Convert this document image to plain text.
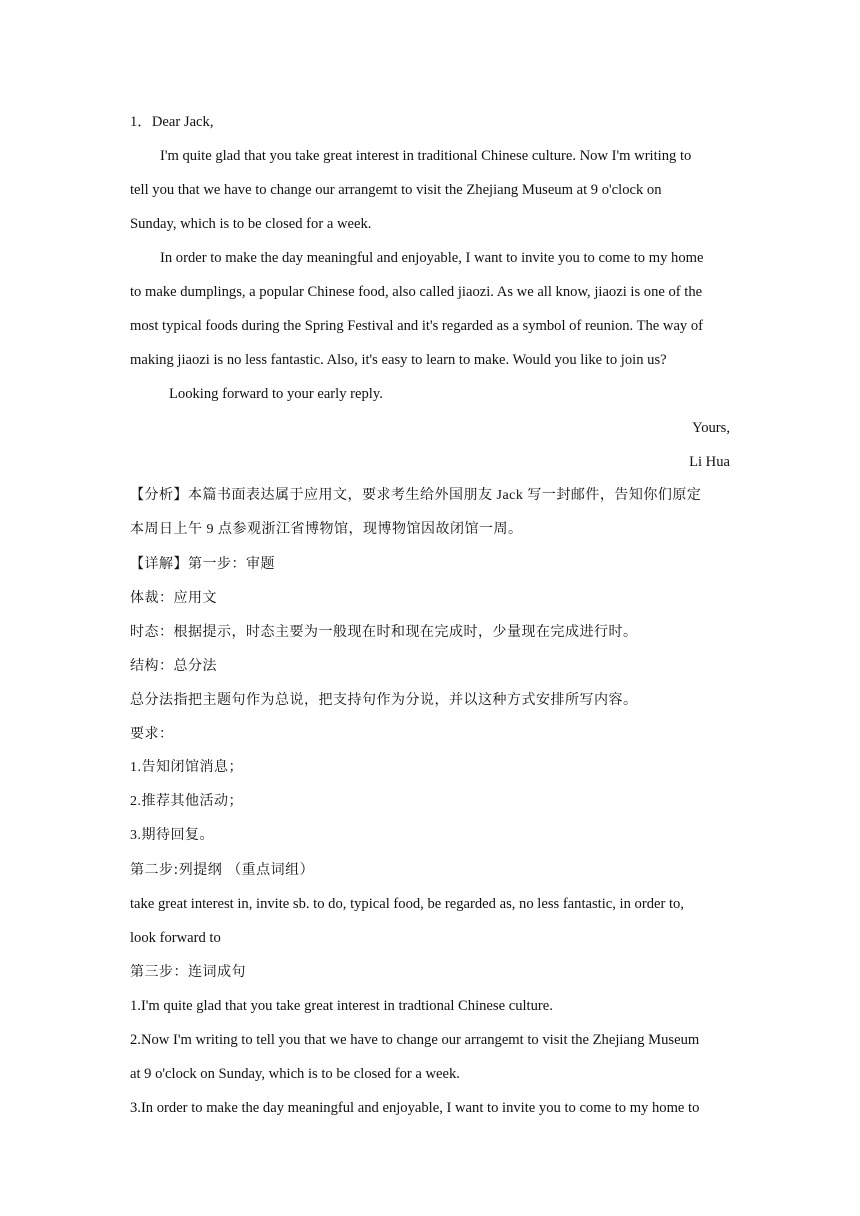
1．Dear Jack,
I'm quite glad that you take great interest in traditional Chinese culture. Now I'm writing to
tell you that we have to change our arrangemt to visit the Zhejiang Museum at 9 o'clock on
Sunday, which is to be closed for a week.
In order to make the day meaningful and enjoyable, I want to invite you to come to my home
to make dumplings, a popular Chinese food, also called jiaozi. As we all know, jiaozi is one of the
most typical foods during the Spring Festival and it's regarded as a symbol of reunion. The way of
making jiaozi is no less fantastic. Also, it's easy to learn to make. Would you like to join us?
Looking forward to your early reply.
Yours,
Li Hua
【分析】本篇书面表达属于应用文，要求考生给外国朋友 Jack 写一封邮件，告知你们原定
本周日上午 9 点参观浙江省博物馆，现博物馆因故闭馆一周。
【详解】第一步：审题
体裁：应用文
时态：根据提示，时态主要为一般现在时和现在完成时，少量现在完成进行时。
结构：总分法
总分法指把主题句作为总说，把支持句作为分说，并以这种方式安排所写内容。
要求：
1.告知闭馆消息；
2.推荐其他活动；
3.期待回复。
第二步:列提纲 （重点词组）
take great interest in, invite sb. to do, typical food, be regarded as, no less fantastic, in order to,
look forward to
第三步：连词成句
1.I'm quite glad that you take great interest in tradtional Chinese culture.
2.Now I'm writing to tell you that we have to change our arrangemt to visit the Zhejiang Museum
at 9 o'clock on Sunday, which is to be closed for a week.
3.In order to make the day meaningful and enjoyable, I want to invite you to come to my home to
